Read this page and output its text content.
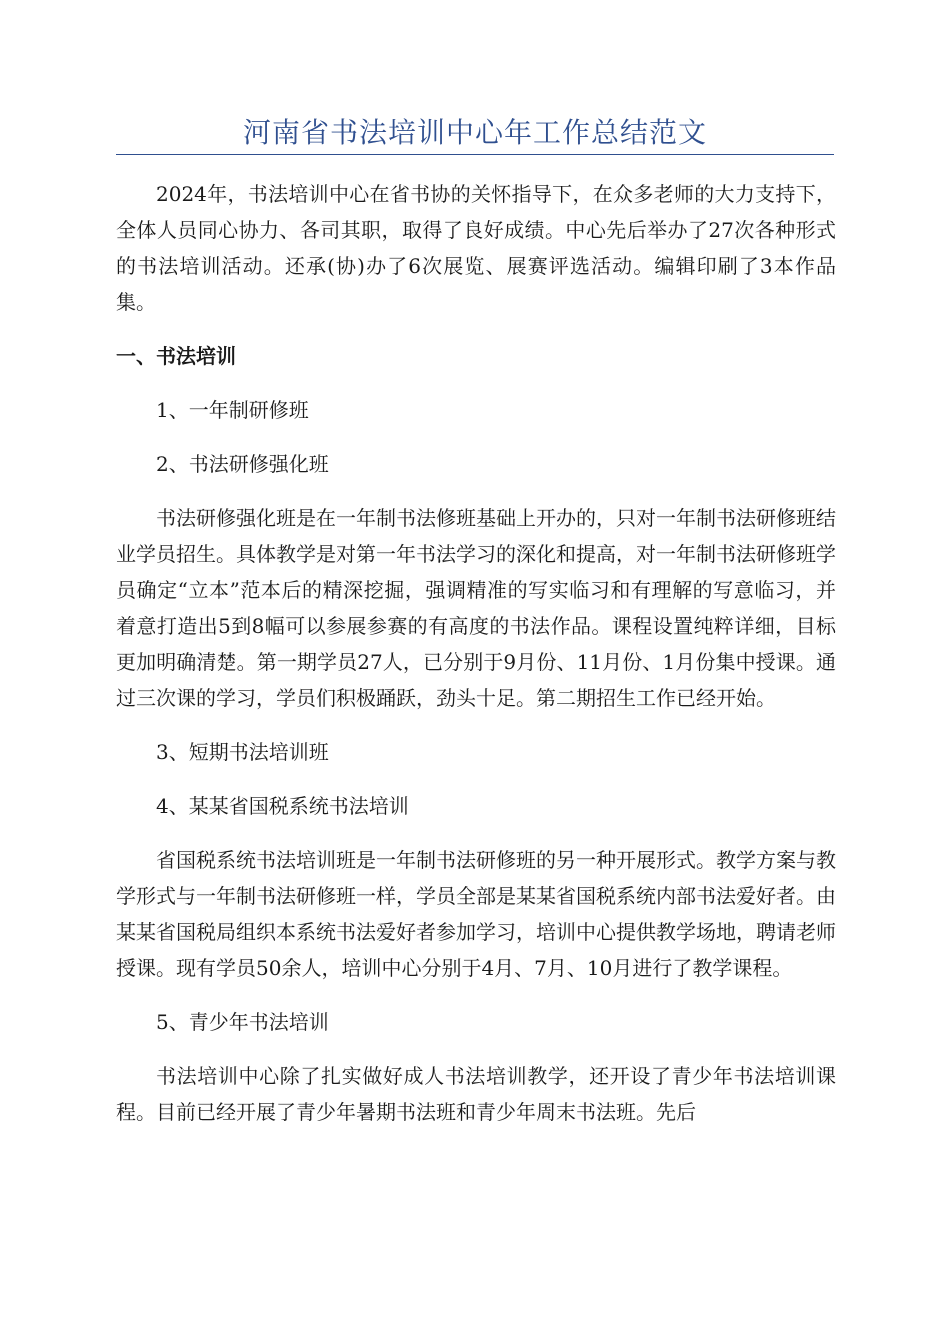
河南省书法培训中心年工作总结范文

2024年，书法培训中心在省书协的关怀指导下，在众多老师的大力支持下，全体人员同心协力、各司其职，取得了良好成绩。中心先后举办了27次各种形式的书法培训活动。还承(协)办了6次展览、展赛评选活动。编辑印刷了3本作品集。

一、书法培训

1、一年制研修班

2、书法研修强化班

书法研修强化班是在一年制书法修班基础上开办的，只对一年制书法研修班结业学员招生。具体教学是对第一年书法学习的深化和提高，对一年制书法研修班学员确定“立本”范本后的精深挖掘，强调精准的写实临习和有理解的写意临习，并着意打造出5到8幅可以参展参赛的有高度的书法作品。课程设置纯粹详细，目标更加明确清楚。第一期学员27人，已分别于9月份、11月份、1月份集中授课。通过三次课的学习，学员们积极踊跃，劲头十足。第二期招生工作已经开始。

3、短期书法培训班

4、某某省国税系统书法培训

省国税系统书法培训班是一年制书法研修班的另一种开展形式。教学方案与教学形式与一年制书法研修班一样，学员全部是某某省国税系统内部书法爱好者。由某某省国税局组织本系统书法爱好者参加学习，培训中心提供教学场地，聘请老师授课。现有学员50余人，培训中心分别于4月、7月、10月进行了教学课程。

5、青少年书法培训

书法培训中心除了扎实做好成人书法培训教学，还开设了青少年书法培训课程。目前已经开展了青少年暑期书法班和青少年周末书法班。先后
